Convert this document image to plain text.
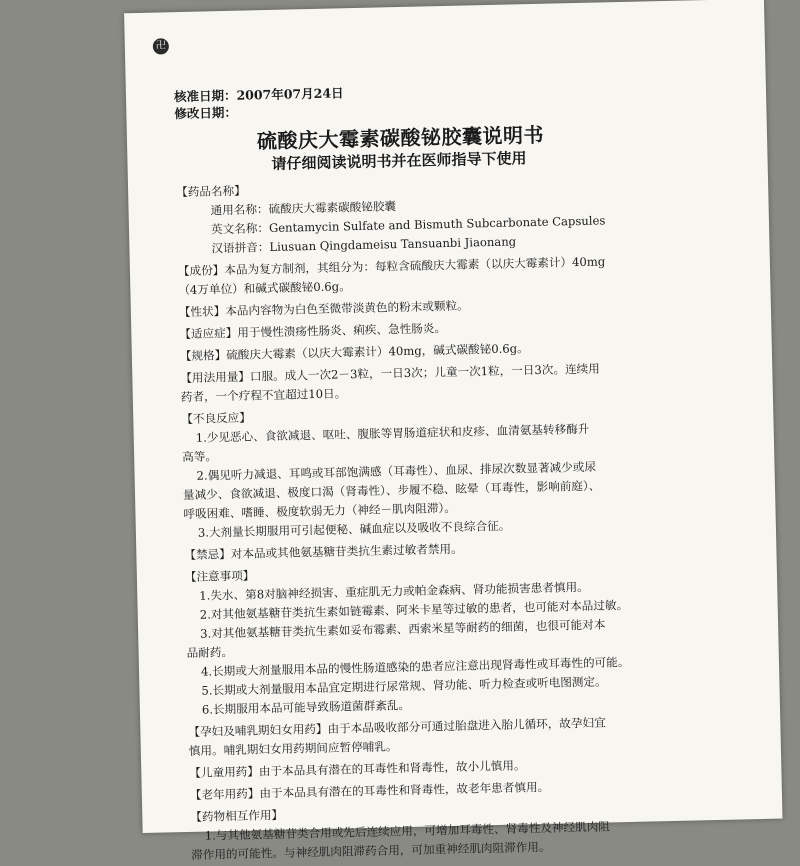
卍
核准日期：2007年07月24日
修改日期：
硫酸庆大霉素碳酸铋胶囊说明书
请仔细阅读说明书并在医师指导下使用

【药品名称】

通用名称：硫酸庆大霉素碳酸铋胶囊

英文名称：Gentamycin Sulfate and Bismuth Subcarbonate Capsules

汉语拼音：Liusuan Qingdameisu Tansuanbi Jiaonang

【成份】本品为复方制剂，其组分为：每粒含硫酸庆大霉素（以庆大霉素计）40mg

（4万单位）和碱式碳酸铋0.6g。

【性状】本品内容物为白色至微带淡黄色的粉末或颗粒。

【适应症】用于慢性溃疡性肠炎、痢疾、急性肠炎。

【规格】硫酸庆大霉素（以庆大霉素计）40mg，碱式碳酸铋0.6g。

【用法用量】口服。成人一次2－3粒，一日3次；儿童一次1粒，一日3次。连续用

药者，一个疗程不宜超过10日。

【不良反应】

1.少见恶心、食欲减退、呕吐、腹胀等胃肠道症状和皮疹、血清氨基转移酶升

高等。

2.偶见听力减退、耳鸣或耳部饱满感（耳毒性）、血尿、排尿次数显著减少或尿

量减少、食欲减退、极度口渴（肾毒性）、步履不稳、眩晕（耳毒性，影响前庭）、

呼吸困难、嗜睡、极度软弱无力（神经－肌肉阻滞）。

3.大剂量长期服用可引起便秘、碱血症以及吸收不良综合征。

【禁忌】对本品或其他氨基糖苷类抗生素过敏者禁用。

【注意事项】

1.失水、第8对脑神经损害、重症肌无力或帕金森病、肾功能损害患者慎用。

2.对其他氨基糖苷类抗生素如链霉素、阿米卡星等过敏的患者，也可能对本品过敏。

3.对其他氨基糖苷类抗生素如妥布霉素、西索米星等耐药的细菌，也很可能对本

品耐药。

4.长期或大剂量服用本品的慢性肠道感染的患者应注意出现肾毒性或耳毒性的可能。

5.长期或大剂量服用本品宜定期进行尿常规、肾功能、听力检查或听电图测定。

6.长期服用本品可能导致肠道菌群紊乱。

【孕妇及哺乳期妇女用药】由于本品吸收部分可通过胎盘进入胎儿循环，故孕妇宜

慎用。哺乳期妇女用药期间应暂停哺乳。

【儿童用药】由于本品具有潜在的耳毒性和肾毒性，故小儿慎用。

【老年用药】由于本品具有潜在的耳毒性和肾毒性，故老年患者慎用。

【药物相互作用】

1.与其他氨基糖苷类合用或先后连续应用，可增加耳毒性、肾毒性及神经肌肉阻

滞作用的可能性。与神经肌肉阻滞药合用，可加重神经肌肉阻滞作用。
